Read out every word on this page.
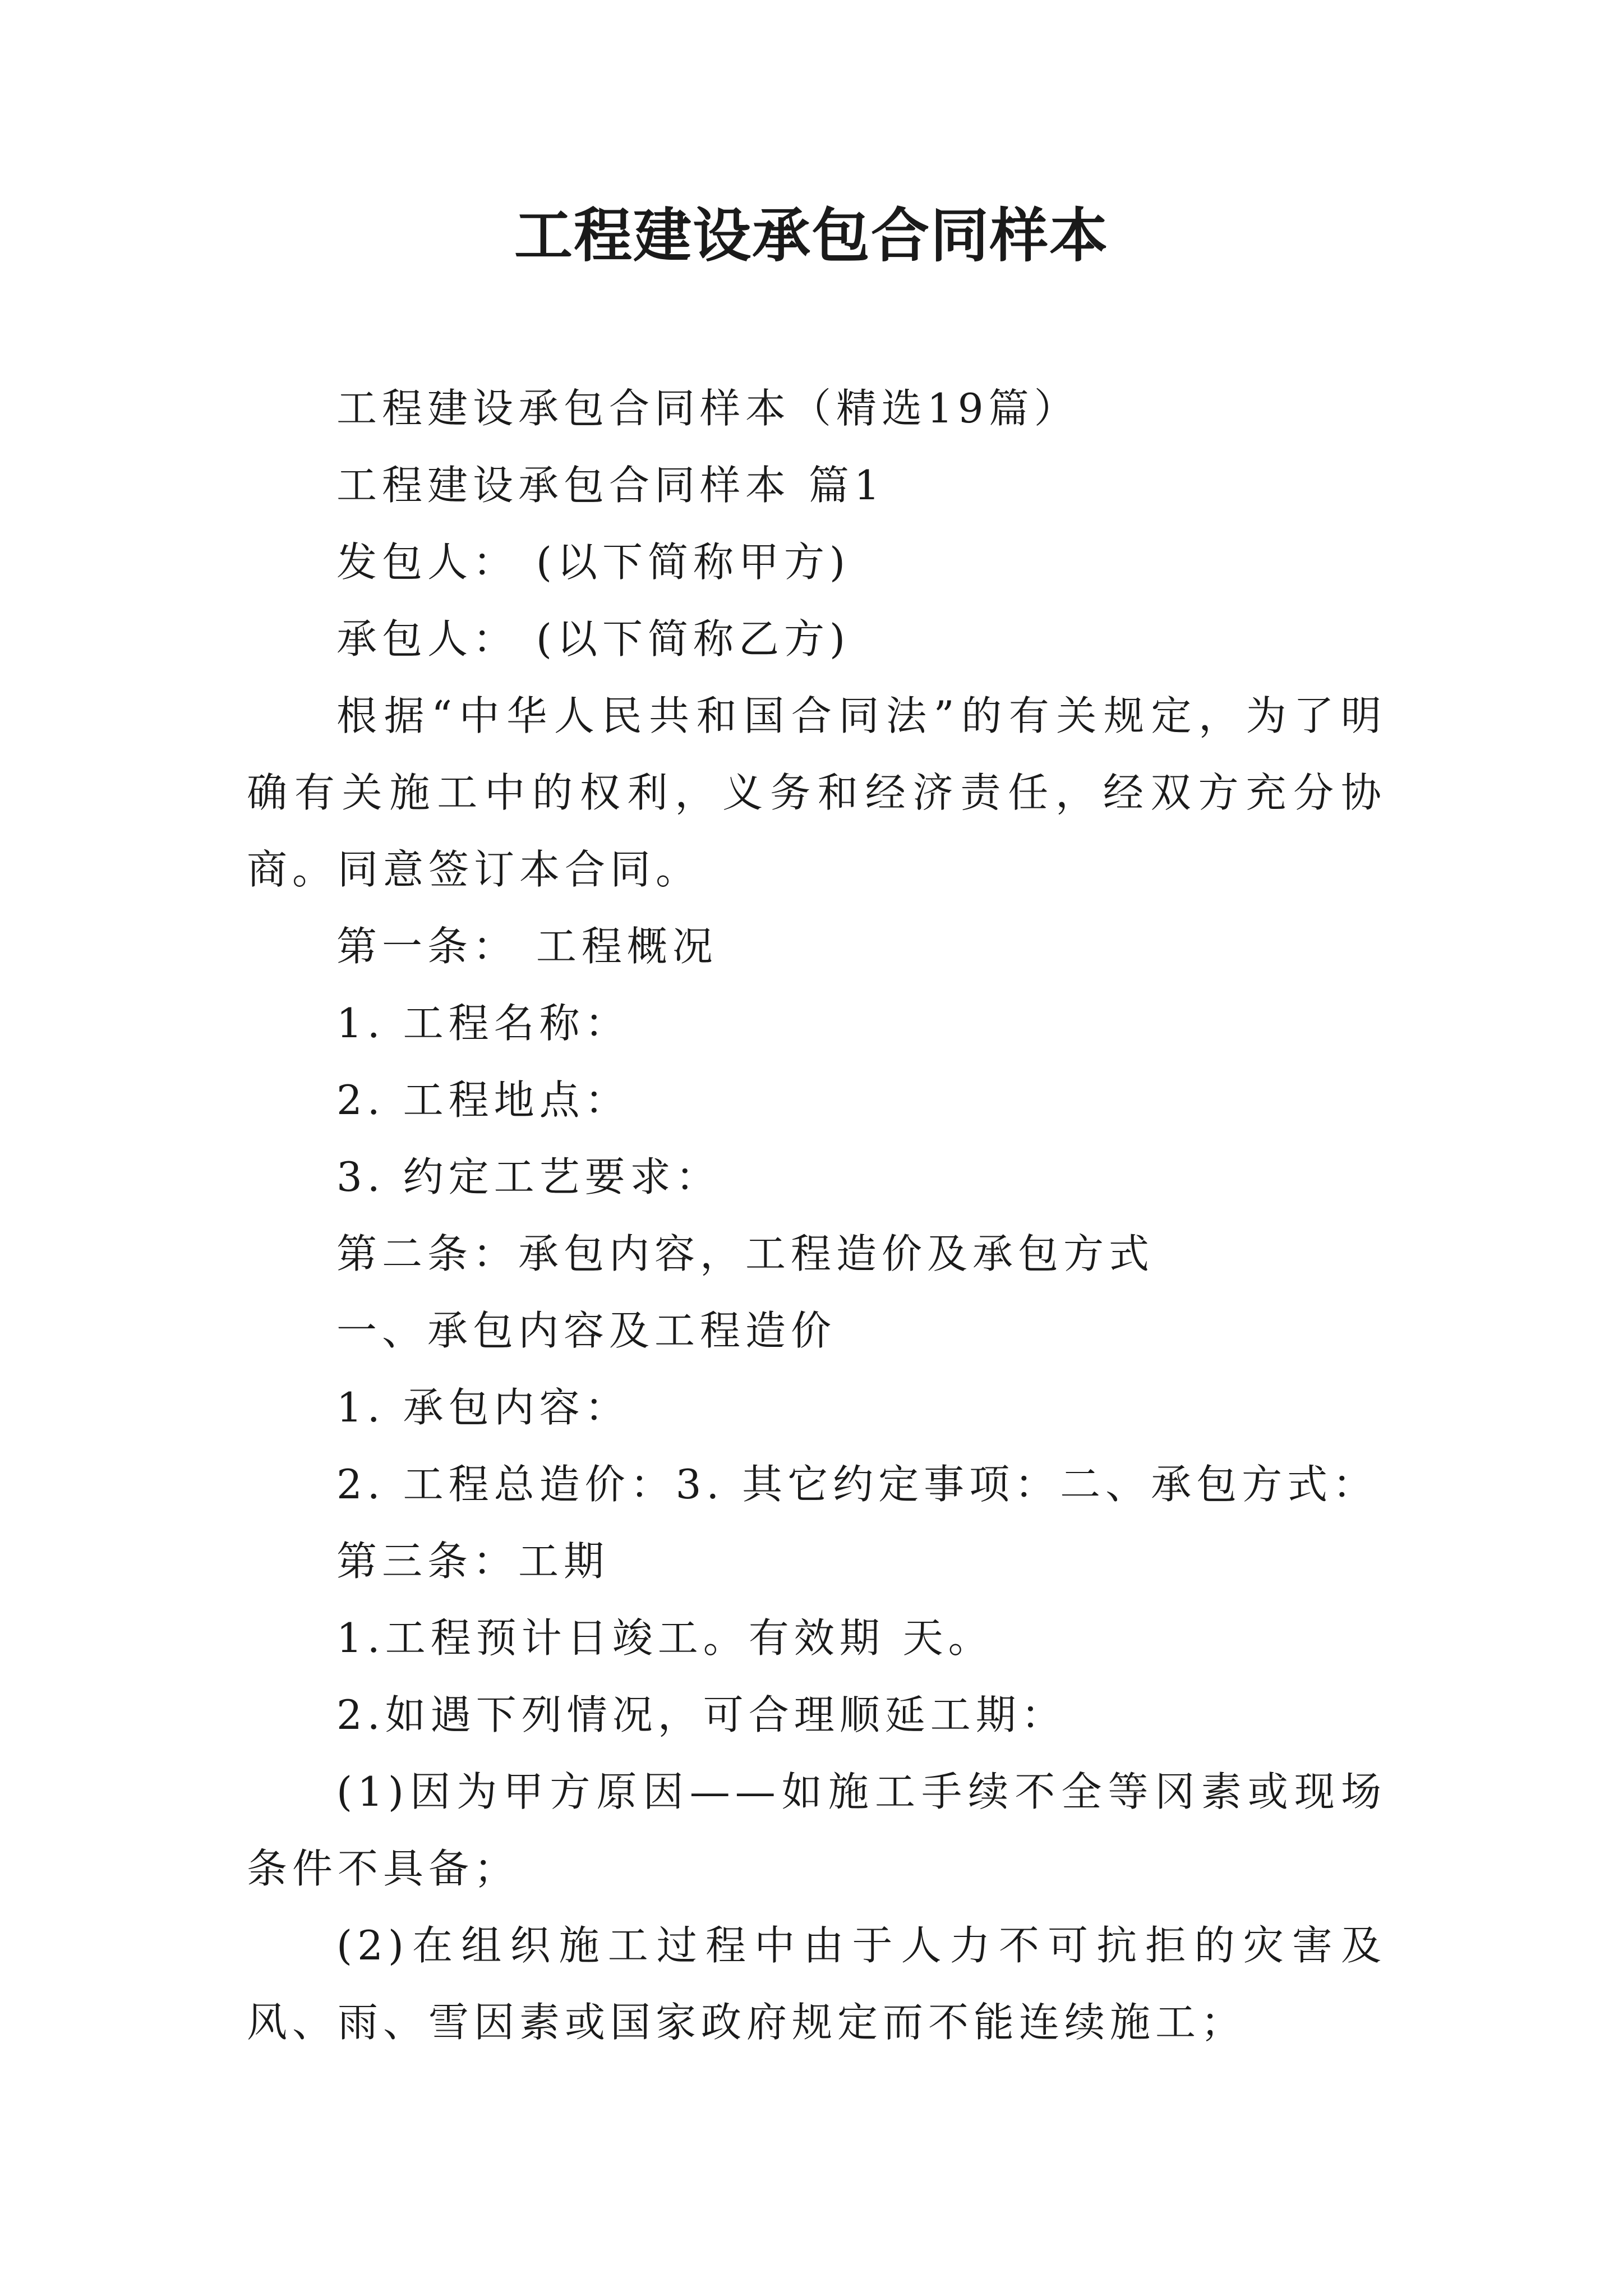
工程建设承包合同样本

工程建设承包合同样本（精选19篇）

工程建设承包合同样本 篇1

发包人： (以下简称甲方)

承包人： (以下简称乙方)

根据“中华人民共和国合同法”的有关规定，为了明确有关施工中的权利，义务和经济责任，经双方充分协商。同意签订本合同。

第一条： 工程概况

1. 工程名称：

2. 工程地点：

3. 约定工艺要求：

第二条：承包内容，工程造价及承包方式

一、承包内容及工程造价

1. 承包内容：

2. 工程总造价：3. 其它约定事项：二、承包方式：

第三条：工期

1.工程预计日竣工。有效期 天。

2.如遇下列情况，可合理顺延工期：

(1)因为甲方原因——如施工手续不全等冈素或现场条件不具备；

(2)在组织施工过程中由于人力不可抗拒的灾害及风、雨、雪因素或国家政府规定而不能连续施工；
